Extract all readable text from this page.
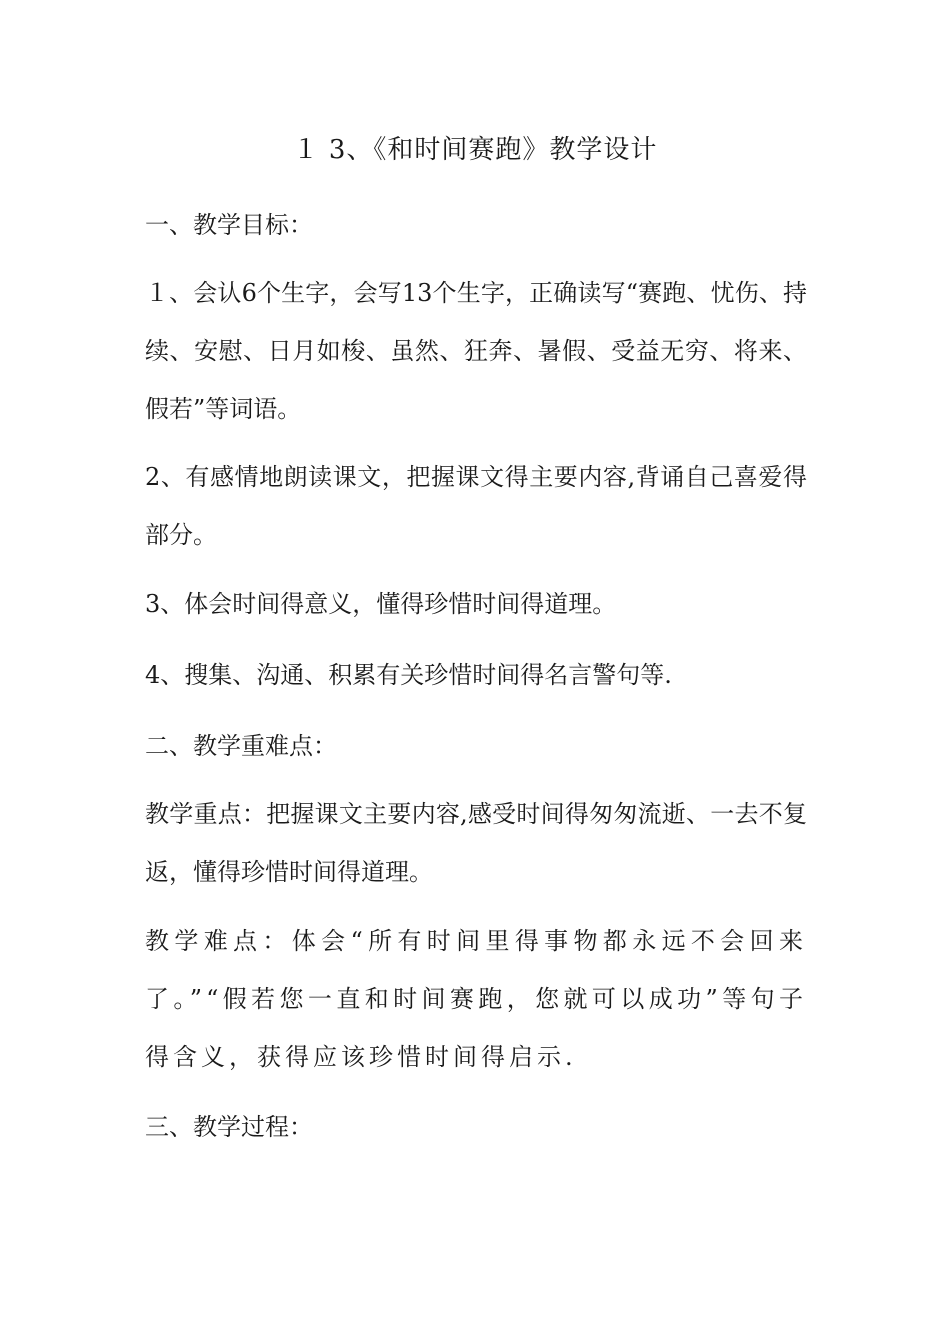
１ 3、《和时间赛跑》教学设计

一、教学目标：

１、会认6个生字，会写13个生字，正确读写“赛跑、忧伤、持续、安慰、日月如梭、虽然、狂奔、暑假、受益无穷、将来、假若”等词语。

2、有感情地朗读课文，把握课文得主要内容,背诵自己喜爱得部分。

3、体会时间得意义，懂得珍惜时间得道理。

4、搜集、沟通、积累有关珍惜时间得名言警句等.

二、教学重难点：

教学重点：把握课文主要内容,感受时间得匆匆流逝、一去不复返，懂得珍惜时间得道理。

教学难点：体会“所有时间里得事物都永远不会回来了。”“假若您一直和时间赛跑，您就可以成功”等句子得含义，获得应该珍惜时间得启示.

三、教学过程：
